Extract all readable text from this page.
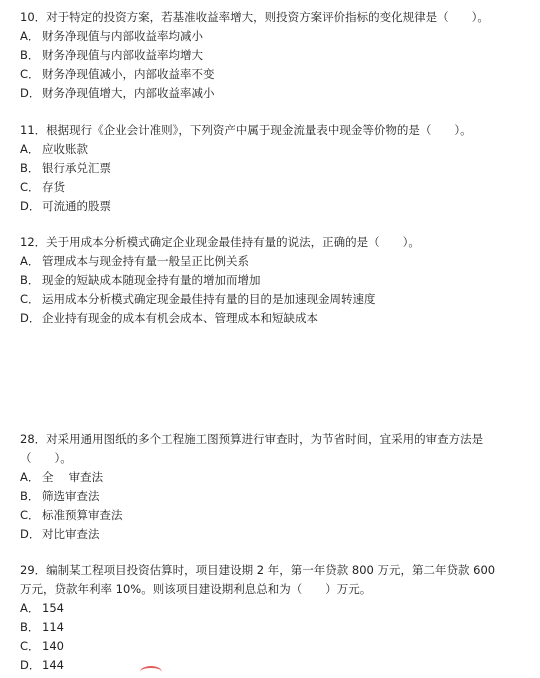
10．对于特定的投资方案，若基准收益率增大，则投资方案评价指标的变化规律是（　　）。
A． 财务净现值与内部收益率均减小
B． 财务净现值与内部收益率均增大
C． 财务净现值减小，内部收益率不变
D． 财务净现值增大，内部收益率减小
11．根据现行《企业会计准则》，下列资产中属于现金流量表中现金等价物的是（　　）。
A． 应收账款
B． 银行承兑汇票
C． 存货
D． 可流通的股票
12．关于用成本分析模式确定企业现金最佳持有量的说法，正确的是（　　）。
A． 管理成本与现金持有量一般呈正比例关系
B． 现金的短缺成本随现金持有量的增加而增加
C． 运用成本分析模式确定现金最佳持有量的目的是加速现金周转速度
D． 企业持有现金的成本有机会成本、管理成本和短缺成本
28．对采用通用图纸的多个工程施工图预算进行审查时，为节省时间，宜采用的审查方法是
（　　）。
A． 全　 审查法
B． 筛选审查法
C． 标准预算审查法
D． 对比审查法
29．编制某工程项目投资估算时，项目建设期 2 年，第一年贷款 800 万元，第二年贷款 600
万元，贷款年利率 10%。则该项目建设期利息总和为（　　）万元。
A． 154
B． 114
C． 140
D． 144
